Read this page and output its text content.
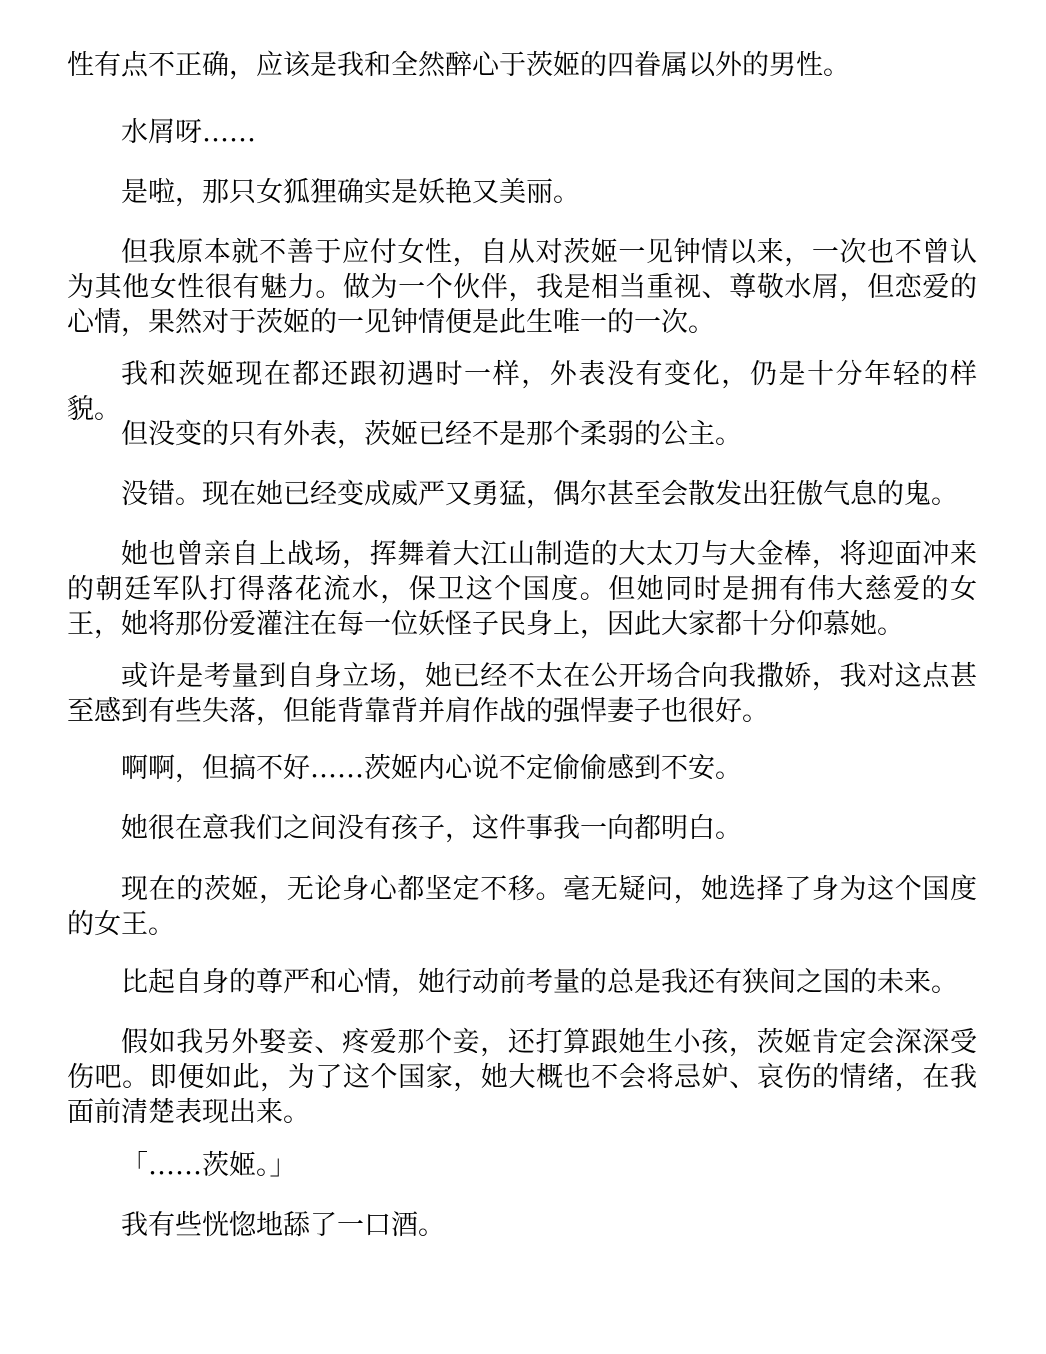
性有点不正确，应该是我和全然醉心于茨姬的四眷属以外的男性。

水屑呀……

是啦，那只女狐狸确实是妖艳又美丽。

但我原本就不善于应付女性，自从对茨姬一见钟情以来，一次也不曾认为其他女性很有魅力。做为一个伙伴，我是相当重视、尊敬水屑，但恋爱的心情，果然对于茨姬的一见钟情便是此生唯一的一次。

我和茨姬现在都还跟初遇时一样，外表没有变化，仍是十分年轻的样貌。

但没变的只有外表，茨姬已经不是那个柔弱的公主。

没错。现在她已经变成威严又勇猛，偶尔甚至会散发出狂傲气息的鬼。

她也曾亲自上战场，挥舞着大江山制造的大太刀与大金棒，将迎面冲来的朝廷军队打得落花流水，保卫这个国度。但她同时是拥有伟大慈爱的女王，她将那份爱灌注在每一位妖怪子民身上，因此大家都十分仰慕她。

或许是考量到自身立场，她已经不太在公开场合向我撒娇，我对这点甚至感到有些失落，但能背靠背并肩作战的强悍妻子也很好。

啊啊，但搞不好……茨姬内心说不定偷偷感到不安。

她很在意我们之间没有孩子，这件事我一向都明白。

现在的茨姬，无论身心都坚定不移。毫无疑问，她选择了身为这个国度的女王。

比起自身的尊严和心情，她行动前考量的总是我还有狭间之国的未来。

假如我另外娶妾、疼爱那个妾，还打算跟她生小孩，茨姬肯定会深深受伤吧。即便如此，为了这个国家，她大概也不会将忌妒、哀伤的情绪，在我面前清楚表现出来。

「……茨姬。」

我有些恍惚地舔了一口酒。
